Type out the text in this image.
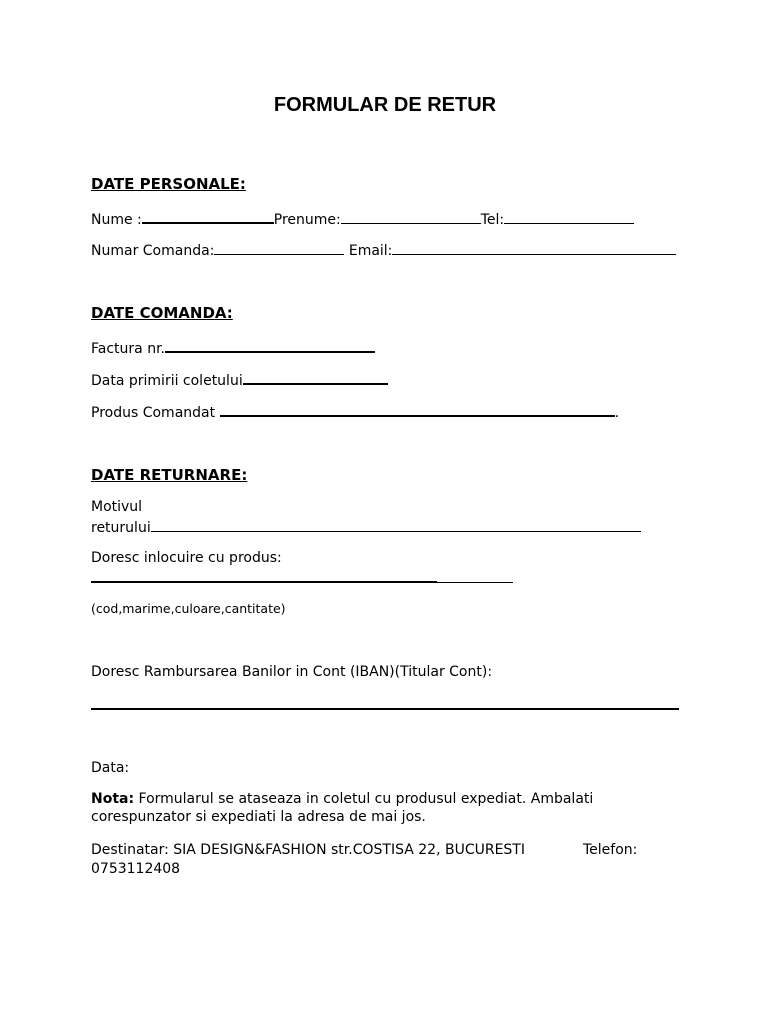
FORMULAR DE RETUR
DATE PERSONALE:
Nume :	Prenume:	Tel:
Numar Comanda:	Email:
DATE COMANDA:
Factura nr.
Data primirii coletului
Produs Comandat	.
DATE RETURNARE:
Motivul
returului
Doresc inlocuire cu produs:
(cod,marime,culoare,cantitate)
Doresc Rambursarea Banilor in Cont (IBAN)(Titular Cont):
Data:
Nota: Formularul se ataseaza in coletul cu produsul expediat. Ambalati
corespunzator si expediati la adresa de mai jos.
Destinatar: SIA DESIGN&FASHION str.COSTISA 22, BUCURESTI	Telefon:
0753112408
